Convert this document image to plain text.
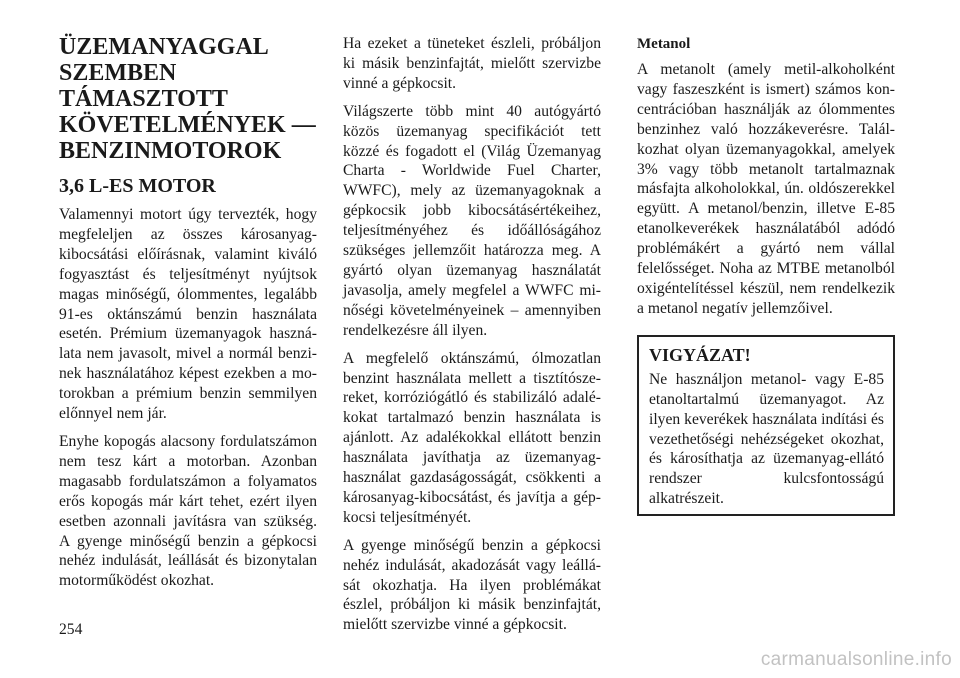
ÜZEMANYAGGAL
SZEMBEN
TÁMASZTOTT
KÖVETELMÉNYEK —
BENZINMOTOROK
3,6 L-ES MOTOR

Valamennyi motort úgy tervezték, hogy megfeleljen az összes károsanyag-kibocsátási előírásnak, valamint kiváló fogyasztást és teljesítményt nyújtsok magas minőségű, ólommentes, legalább 91-es oktánszámú benzin használata esetén. Prémium üzemanyagok használata nem javasolt, mivel a normál benzinek használatához képest ezekben a motorokban a prémium benzin semmilyen előnnyel nem jár.

Enyhe kopogás alacsony fordulatszámon nem tesz kárt a motorban. Azonban magasabb fordulatszámon a folyamatos erős kopogás már kárt tehet, ezért ilyen esetben azonnali javításra van szükség. A gyenge minőségű benzin a gépkocsi nehéz indulását, leállását és bizonytalan motorműködést okozhat.

Ha ezeket a tüneteket észleli, próbáljon ki másik benzinfajtát, mielőtt szervizbe vinné a gépkocsit.

Világszerte több mint 40 autógyártó közös üzemanyag specifikációt tett közzé és fogadott el (Világ Üzemanyag Charta - Worldwide Fuel Charter, WWFC), mely az üzemanyagoknak a gépkocsik jobb kibocsátásértékeihez, teljesítményéhez és időállóságához szükséges jellemzőit határozza meg. A gyártó olyan üzemanyag használatát javasolja, amely megfelel a WWFC minőségi követelményeinek – amennyiben rendelkezésre áll ilyen.

A megfelelő oktánszámú, ólmozatlan benzint használata mellett a tisztítószereket, korróziógátló és stabilizáló adalékokat tartalmazó benzin használata is ajánlott. Az adalékokkal ellátott benzin használata javíthatja az üzemanyaghasználat gazdaságosságát, csökkenti a károsanyag-kibocsátást, és javítja a gépkocsi teljesítményét.

A gyenge minőségű benzin a gépkocsi nehéz indulását, akadozását vagy leállását okozhatja. Ha ilyen problémákat észlel, próbáljon ki másik benzinfajtát, mielőtt szervizbe vinné a gépkocsit.

Metanol

A metanolt (amely metil-alkoholként vagy faszeszként is ismert) számos koncentrációban használják az ólommentes benzinhez való hozzákeverésre. Találkozhat olyan üzemanyagokkal, amelyek 3% vagy több metanolt tartalmaznak másfajta alkoholokkal, ún. oldószerekkel együtt. A metanol/benzin, illetve E-85 etanolkeverékek használatából adódó problémákért a gyártó nem vállal felelősséget. Noha az MTBE metanolból oxigéntelítéssel készül, nem rendelkezik a metanol negatív jellemzőivel.

VIGYÁZAT!

Ne használjon metanol- vagy E-85 etanoltartalmú üzemanyagot. Az ilyen keverékek használata indítási és vezethetőségi nehézségeket okozhat, és károsíthatja az üzemanyag-ellátó rendszer kulcsfontosságú alkatrészeit.

254
carmanualsonline.info
